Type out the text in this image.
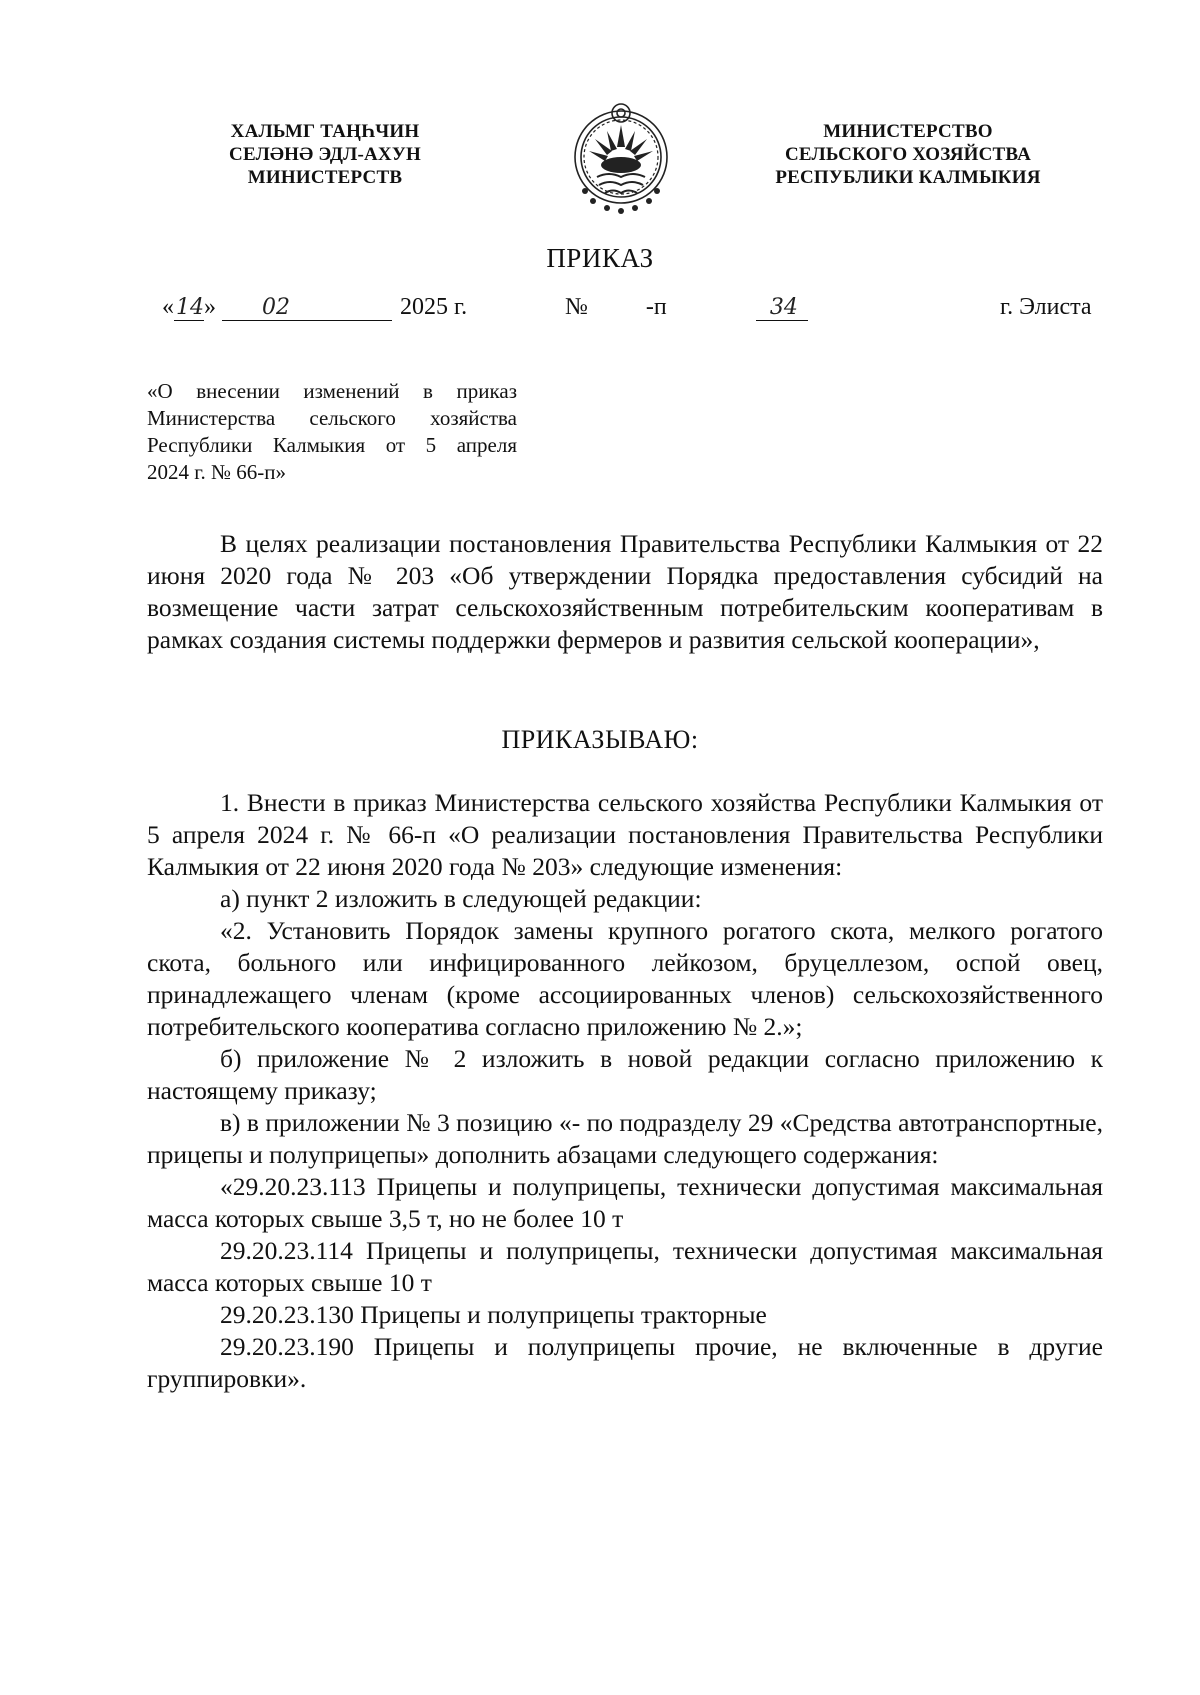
ХАЛЬМГ ТАҢҺЧИН
СЕЛӘНӘ ЭДЛ-АХУН
МИНИСТЕРСТВ
МИНИСТЕРСТВО
СЕЛЬСКОГО ХОЗЯЙСТВА
РЕСПУБЛИКИ КАЛМЫКИЯ
ПРИКАЗ
« 14 » 02	2025 г.	№	34
-п	г. Элиста
«О внесении изменений в приказ
Министерства сельского хозяйства
Республики Калмыкия от 5 апреля
2024 г. № 66-п»

В целях реализации постановления Правительства Республики Калмыкия от 22 июня 2020 года № 203 «Об утверждении Порядка предоставления субсидий на возмещение части затрат сельскохозяйственным потребительским кооперативам в рамках создания системы поддержки фермеров и развития сельской кооперации»,

ПРИКАЗЫВАЮ:

1. Внести в приказ Министерства сельского хозяйства Республики Калмыкия от 5 апреля 2024 г. № 66-п «О реализации постановления Правительства Республики Калмыкия от 22 июня 2020 года № 203» следующие изменения:

а) пункт 2 изложить в следующей редакции:

«2. Установить Порядок замены крупного рогатого скота, мелкого рогатого скота, больного или инфицированного лейкозом, бруцеллезом, оспой овец, принадлежащего членам (кроме ассоциированных членов) сельскохозяйственного потребительского кооператива согласно приложению № 2.»;

б) приложение № 2 изложить в новой редакции согласно приложению к настоящему приказу;

в) в приложении № 3 позицию «- по подразделу 29 «Средства автотранспортные, прицепы и полуприцепы» дополнить абзацами следующего содержания:

«29.20.23.113 Прицепы и полуприцепы, технически допустимая максимальная масса которых свыше 3,5 т, но не более 10 т

29.20.23.114 Прицепы и полуприцепы, технически допустимая максимальная масса которых свыше 10 т

29.20.23.130 Прицепы и полуприцепы тракторные

29.20.23.190 Прицепы и полуприцепы прочие, не включенные в другие группировки».
